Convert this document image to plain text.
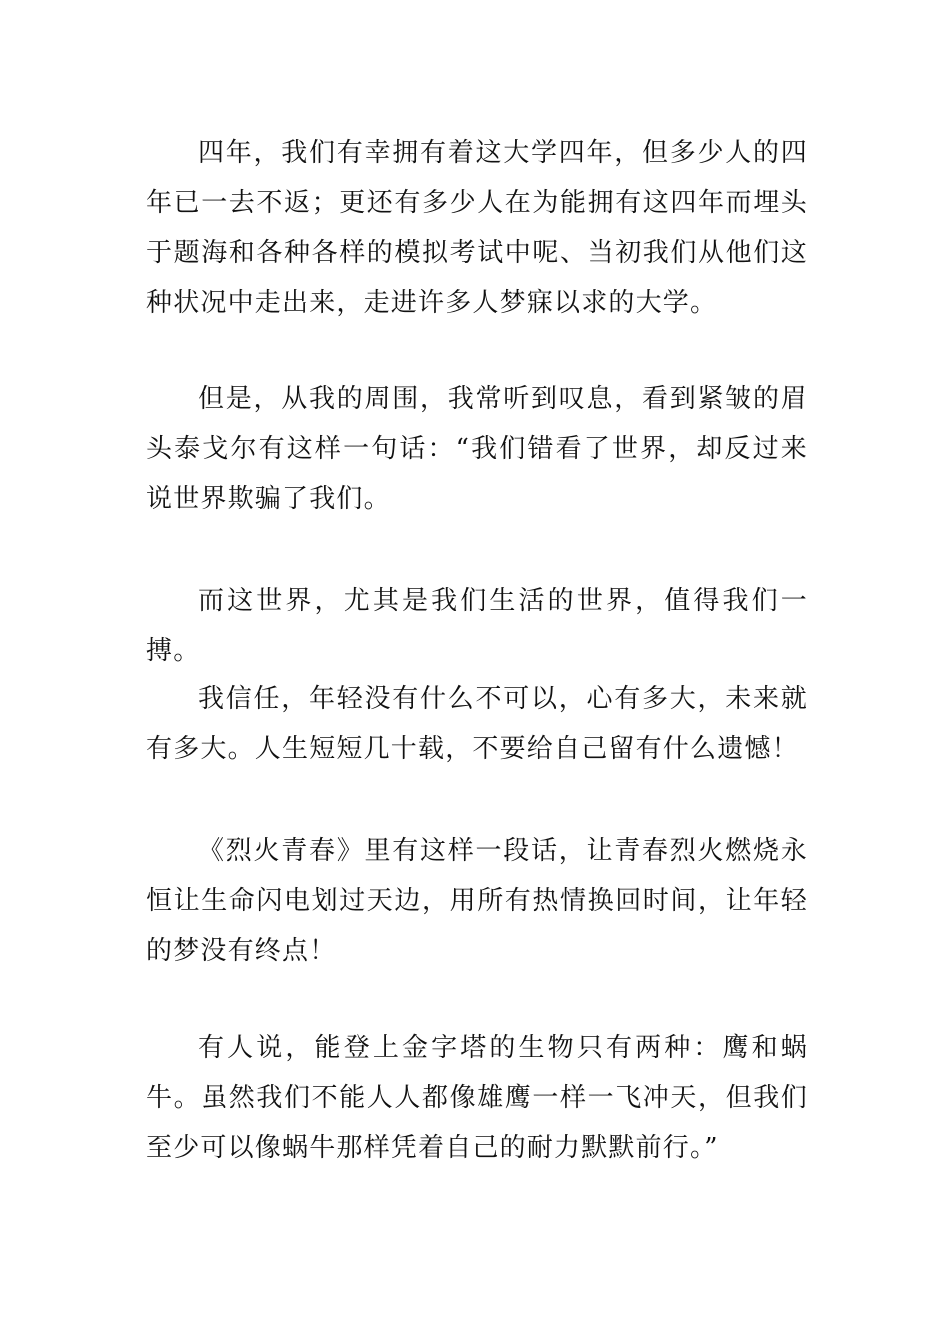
四年，我们有幸拥有着这大学四年，但多少人的四年已一去不返；更还有多少人在为能拥有这四年而埋头于题海和各种各样的模拟考试中呢、当初我们从他们这种状况中走出来，走进许多人梦寐以求的大学。

但是，从我的周围，我常听到叹息，看到紧皱的眉头泰戈尔有这样一句话：“我们错看了世界，却反过来说世界欺骗了我们。

而这世界，尤其是我们生活的世界，值得我们一搏。

我信任，年轻没有什么不可以，心有多大，未来就有多大。人生短短几十载，不要给自己留有什么遗憾！

《烈火青春》里有这样一段话，让青春烈火燃烧永恒让生命闪电划过天边，用所有热情换回时间，让年轻的梦没有终点！

有人说，能登上金字塔的生物只有两种：鹰和蜗牛。虽然我们不能人人都像雄鹰一样一飞冲天，但我们至少可以像蜗牛那样凭着自己的耐力默默前行。”
